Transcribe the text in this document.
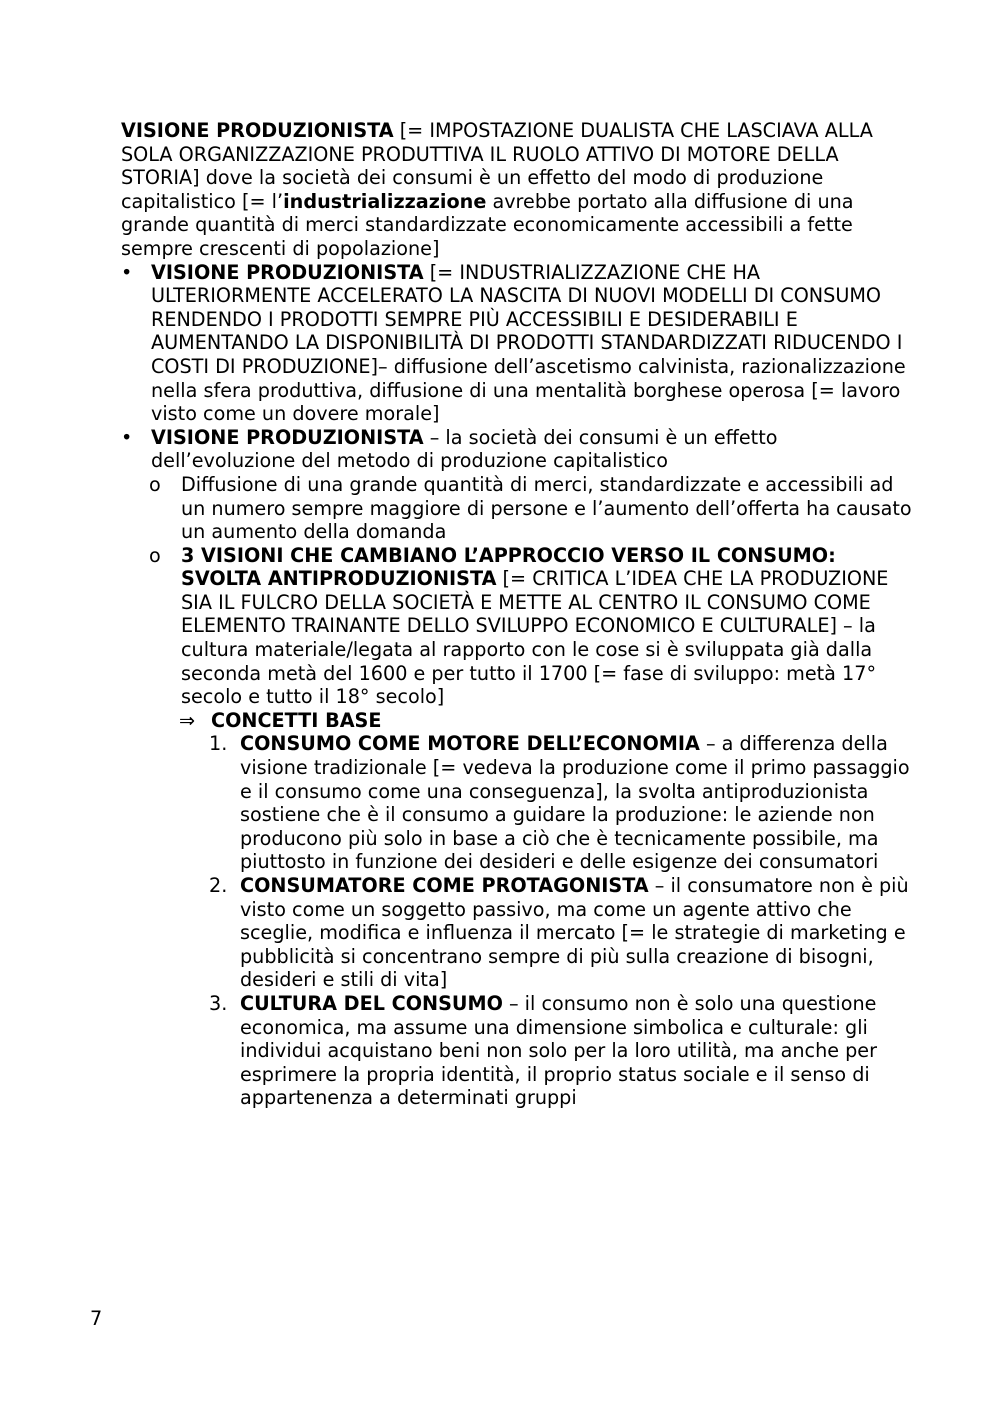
VISIONE PRODUZIONISTA [= IMPOSTAZIONE DUALISTA CHE LASCIAVA ALLA SOLA ORGANIZZAZIONE PRODUTTIVA IL RUOLO ATTIVO DI MOTORE DELLA STORIA] dove la società dei consumi è un effetto del modo di produzione capitalistico [= l’industrializzazione avrebbe portato alla diffusione di una grande quantità di merci standardizzate economicamente accessibili a fette sempre crescenti di popolazione]

• VISIONE PRODUZIONISTA [= INDUSTRIALIZZAZIONE CHE HA ULTERIORMENTE ACCELERATO LA NASCITA DI NUOVI MODELLI DI CONSUMO RENDENDO I PRODOTTI SEMPRE PIÙ ACCESSIBILI E DESIDERABILI E AUMENTANDO LA DISPONIBILITÀ DI PRODOTTI STANDARDIZZATI RIDUCENDO I COSTI DI PRODUZIONE]– diffusione dell’ascetismo calvinista, razionalizzazione nella sfera produttiva, diffusione di una mentalità borghese operosa [= lavoro visto come un dovere morale]
• VISIONE PRODUZIONISTA – la società dei consumi è un effetto dell’evoluzione del metodo di produzione capitalistico
o Diffusione di una grande quantità di merci, standardizzate e accessibili ad un numero sempre maggiore di persone e l’aumento dell’offerta ha causato un aumento della domanda
o 3 VISIONI CHE CAMBIANO L’APPROCCIO VERSO IL CONSUMO: SVOLTA ANTIPRODUZIONISTA [= CRITICA L’IDEA CHE LA PRODUZIONE SIA IL FULCRO DELLA SOCIETÀ E METTE AL CENTRO IL CONSUMO COME ELEMENTO TRAINANTE DELLO SVILUPPO ECONOMICO E CULTURALE] – la cultura materiale/legata al rapporto con le cose si è sviluppata già dalla seconda metà del 1600 e per tutto il 1700 [= fase di sviluppo: metà 17° secolo e tutto il 18° secolo]
⇒ CONCETTI BASE
1. CONSUMO COME MOTORE DELL’ECONOMIA – a differenza della visione tradizionale [= vedeva la produzione come il primo passaggio e il consumo come una conseguenza], la svolta antiproduzionista sostiene che è il consumo a guidare la produzione: le aziende non producono più solo in base a ciò che è tecnicamente possibile, ma piuttosto in funzione dei desideri e delle esigenze dei consumatori
2. CONSUMATORE COME PROTAGONISTA – il consumatore non è più visto come un soggetto passivo, ma come un agente attivo che sceglie, modifica e influenza il mercato [= le strategie di marketing e pubblicità si concentrano sempre di più sulla creazione di bisogni, desideri e stili di vita]
3. CULTURA DEL CONSUMO – il consumo non è solo una questione economica, ma assume una dimensione simbolica e culturale: gli individui acquistano beni non solo per la loro utilità, ma anche per esprimere la propria identità, il proprio status sociale e il senso di appartenenza a determinati gruppi
7
